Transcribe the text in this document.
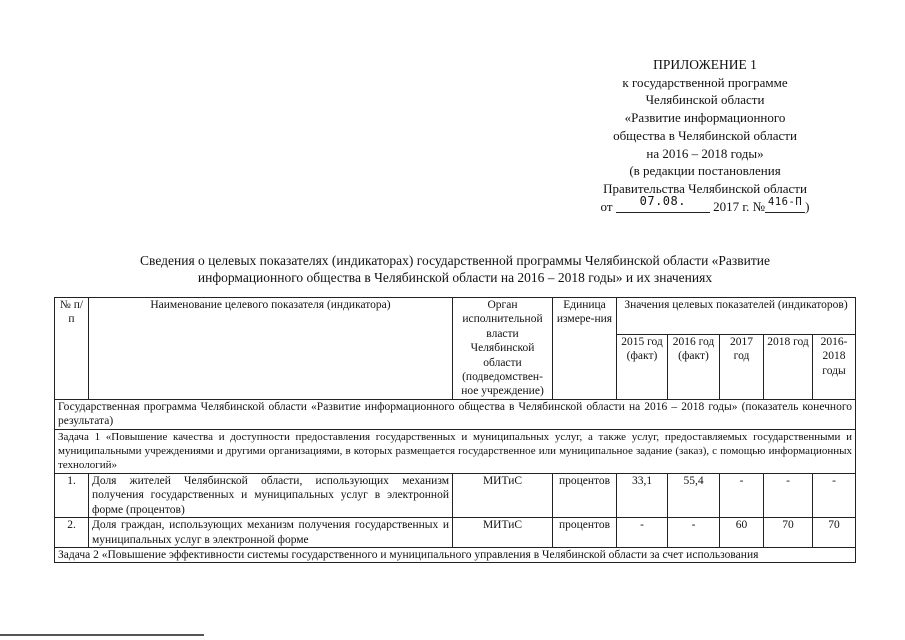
ПРИЛОЖЕНИЕ 1
к государственной программе
Челябинской области
«Развитие информационного
общества в Челябинской области
на 2016 – 2018 годы»
(в редакции постановления
Правительства Челябинской области
от 07.08. 2017 г. № $^{416-П}$ )
Сведения о целевых показателях (индикаторах) государственной программы Челябинской области «Развитие
информационного общества в Челябинской области на 2016 – 2018 годы» и их значениях
№ п/п	Наименование целевого показателя (индикатора)	Орган исполнительной власти Челябинской области (подведомствен-ное учреждение)	Единица измере-ния	Значения целевых показателей (индикаторов)				
				2015 год (факт)	2016 год (факт)	2017 год	2018 год	2016-2018 годы
Государственная программа Челябинской области «Развитие информационного общества в Челябинской области на 2016 – 2018 годы» (показатель конечного результата)								
Задача 1 «Повышение качества и доступности предоставления государственных и муниципальных услуг, а также услуг, предоставляемых государственными и муниципальными учреждениями и другими организациями, в которых размещается государственное или муниципальное задание (заказ), с помощью информационных технологий»								
1.	Доля жителей Челябинской области, использующих механизм получения государственных и муниципальных услуг в электронной форме (процентов)	МИТиС	процентов	33,1	55,4	-	-	-
2.	Доля граждан, использующих механизм получения государственных и муниципальных услуг в электронной форме	МИТиС	процентов	-	-	60	70	70
Задача 2 «Повышение эффективности системы государственного и муниципального управления в Челябинской области за счет использования								
